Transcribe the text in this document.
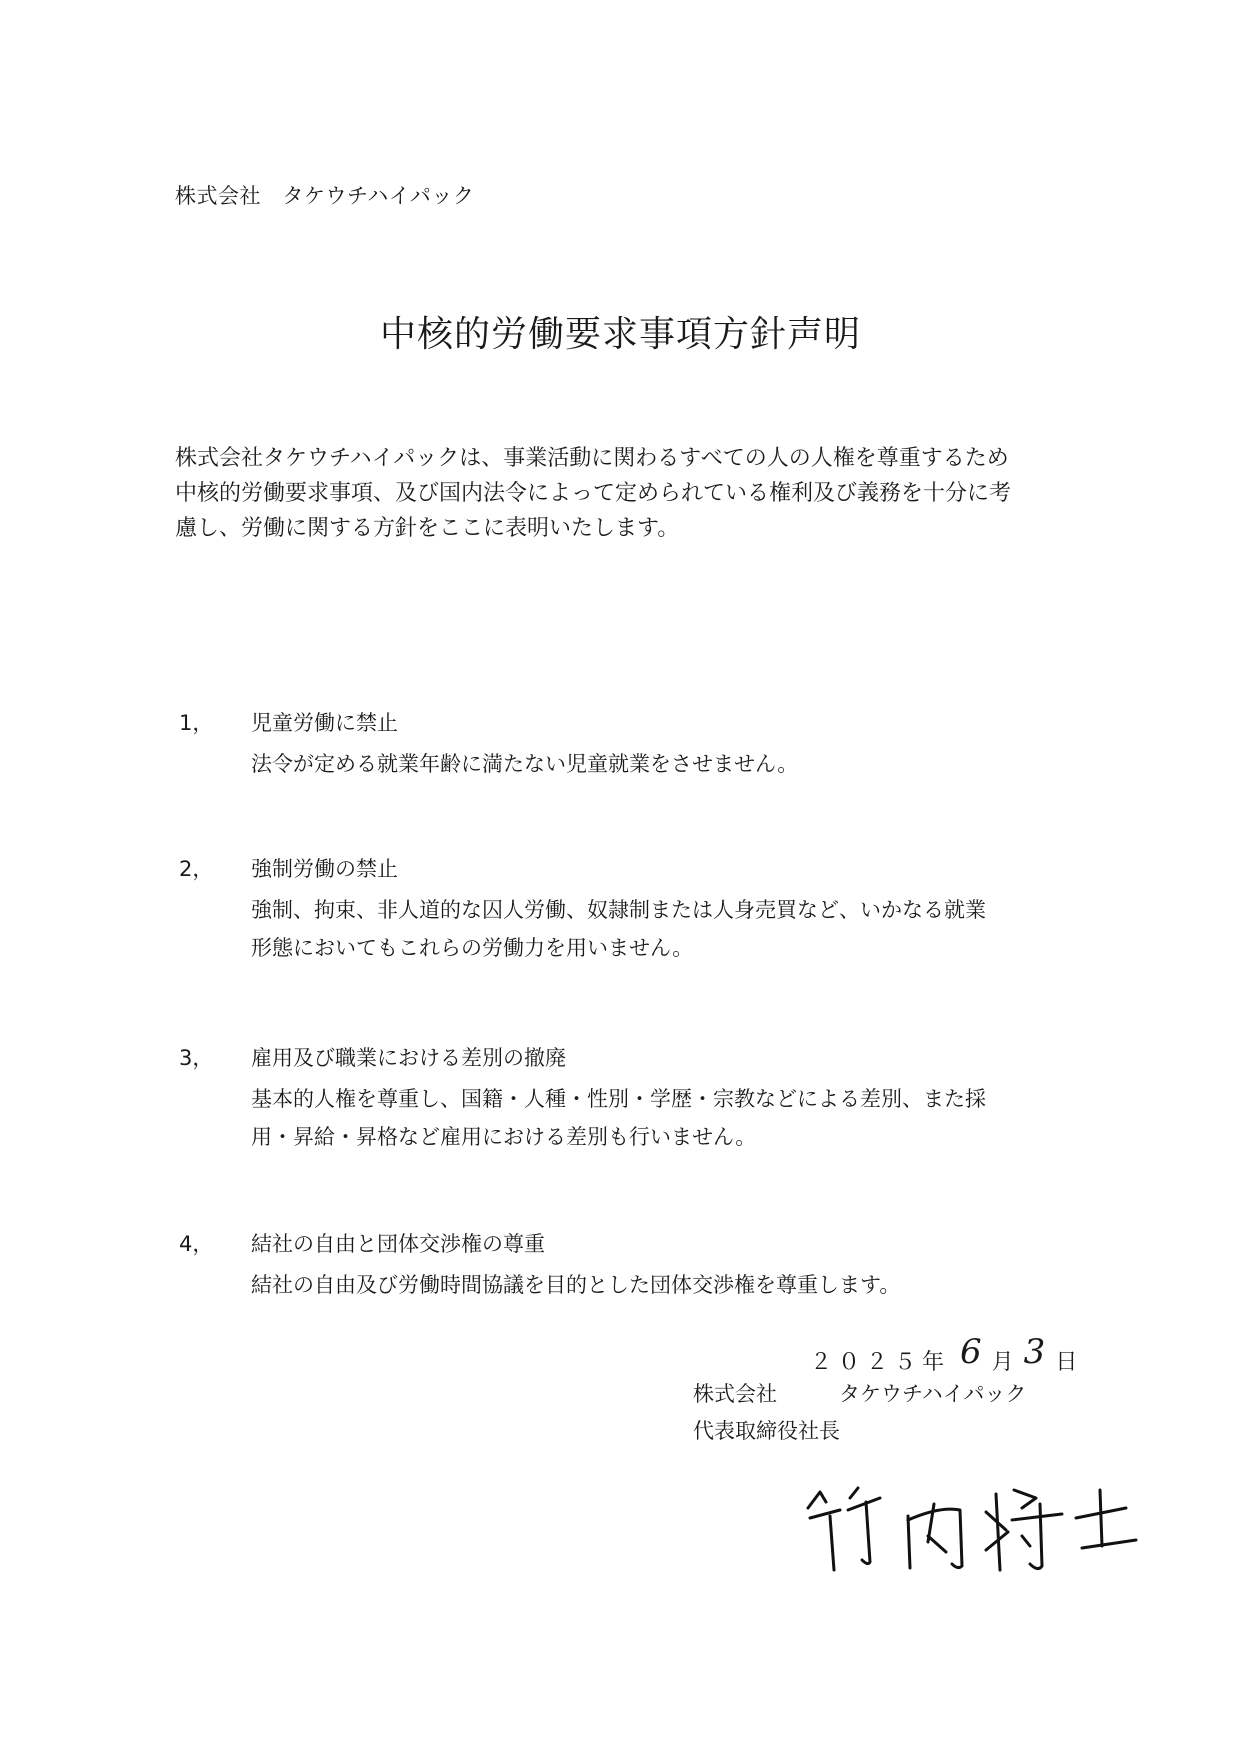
株式会社　タケウチハイパック
中核的労働要求事項方針声明
株式会社タケウチハイパックは、事業活動に関わるすべての人の人権を尊重するため
中核的労働要求事項、及び国内法令によって定められている権利及び義務を十分に考
慮し、労働に関する方針をここに表明いたします。
1， 児童労働に禁止
法令が定める就業年齢に満たない児童就業をさせません。
2， 強制労働の禁止
強制、拘束、非人道的な囚人労働、奴隷制または人身売買など、いかなる就業
形態においてもこれらの労働力を用いません。
3， 雇用及び職業における差別の撤廃
基本的人権を尊重し、国籍・人種・性別・学歴・宗教などによる差別、また採
用・昇給・昇格など雇用における差別も行いません。
4， 結社の自由と団体交渉権の尊重
結社の自由及び労働時間協議を目的とした団体交渉権を尊重します。
２０２５年 6 月 3 日
株式会社	タケウチハイパック
代表取締役社長
